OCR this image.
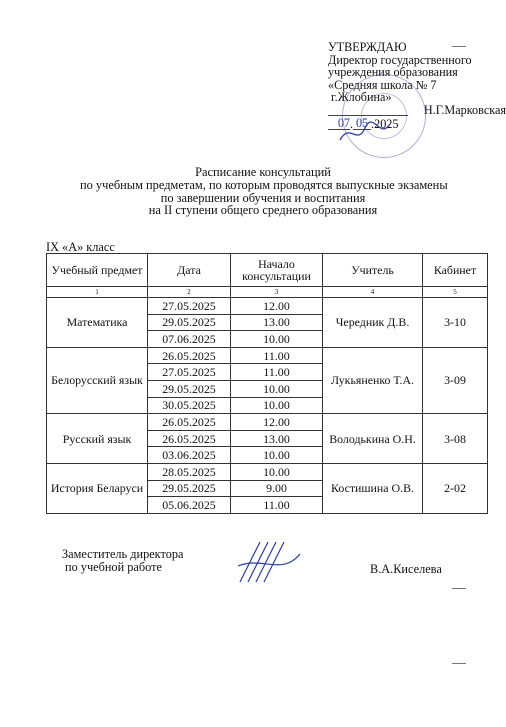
УТВЕРЖДАЮ
Директор государственного
учреждения образования
«Средняя школа № 7
г.Жлобина»
Н.Г.Марковская
07 . 05 . 2025
Расписание консультаций
по учебным предметам, по которым проводятся выпускные экзамены
по завершении обучения и воспитания
на II ступени общего среднего образования
IX «А» класс
Учебный предмет	Дата	Начало консультации	Учитель	Кабинет
1	2	3	4	5
Математика	27.05.2025	12.00	Чередник Д.В.	3-10
	29.05.2025	13.00		
	07.06.2025	10.00		
Белорусский язык	26.05.2025	11.00	Лукьяненко Т.А.	3-09
	27.05.2025	11.00		
	29.05.2025	10.00		
	30.05.2025	10.00		
Русский язык	26.05.2025	12.00	Володькина О.Н.	3-08
	26.05.2025	13.00		
	03.06.2025	10.00		
История Беларуси	28.05.2025	10.00	Костишина О.В.	2-02
	29.05.2025	9.00		
	05.06.2025	11.00		
Заместитель директора
по учебной работе	В.А.Киселева
